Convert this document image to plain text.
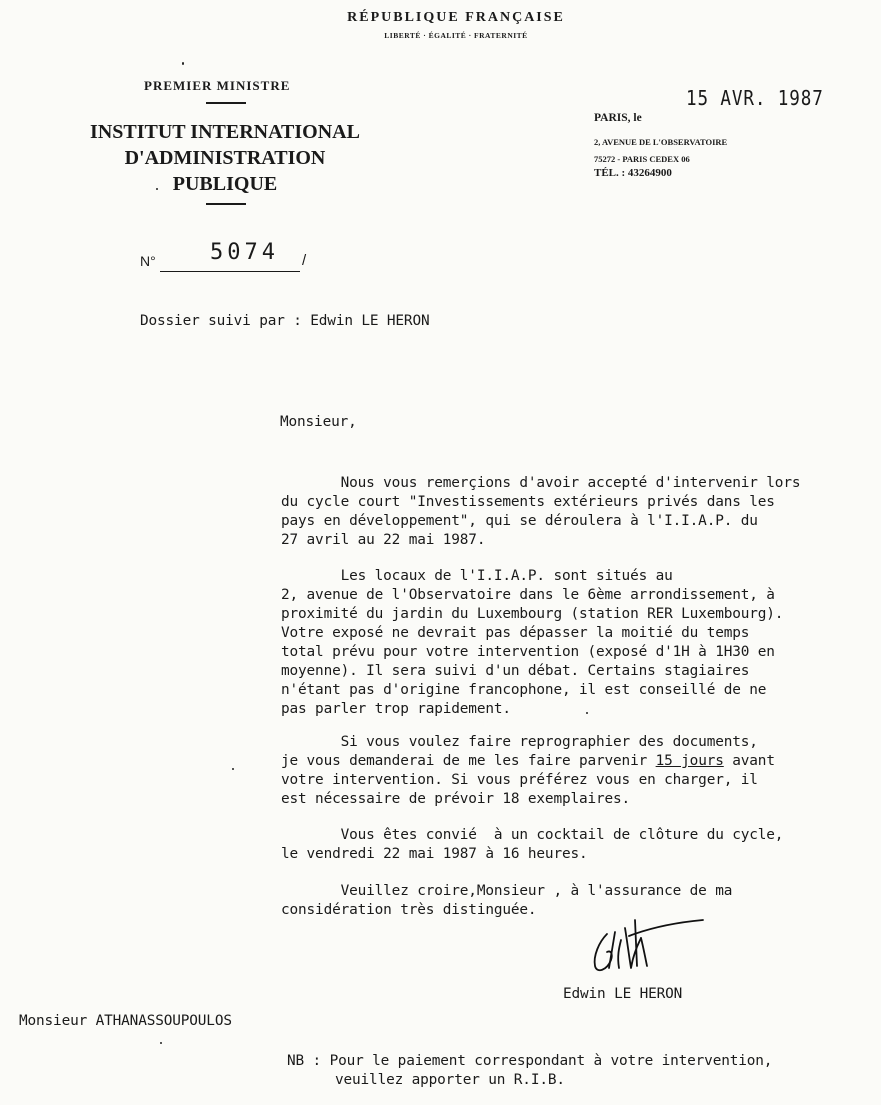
RÉPUBLIQUE FRANÇAISE
LIBERTÉ · ÉGALITÉ · FRATERNITÉ
PREMIER MINISTRE
INSTITUT INTERNATIONAL
D'ADMINISTRATION
PUBLIQUE
N° 5074 /
PARIS, le
15 AVR. 1987
2, AVENUE DE L'OBSERVATOIRE
75272 - PARIS CEDEX 06
TÉL. : 43264900
Dossier suivi par : Edwin LE HERON
Monsieur,
Nous vous remerçions d'avoir accepté d'intervenir lors
du cycle court "Investissements extérieurs privés dans les
pays en développement", qui se déroulera à l'I.I.A.P. du
27 avril au 22 mai 1987.
Les locaux de l'I.I.A.P. sont situés au
2, avenue de l'Observatoire dans le 6ème arrondissement, à
proximité du jardin du Luxembourg (station RER Luxembourg).
Votre exposé ne devrait pas dépasser la moitié du temps
total prévu pour votre intervention (exposé d'1H à 1H30 en
moyenne). Il sera suivi d'un débat. Certains stagiaires
n'étant pas d'origine francophone, il est conseillé de ne
pas parler trop rapidement.
Si vous voulez faire reprographier des documents,
je vous demanderai de me les faire parvenir 15 jours avant
votre intervention. Si vous préférez vous en charger, il
est nécessaire de prévoir 18 exemplaires.
Vous êtes convié  à un cocktail de clôture du cycle,
le vendredi 22 mai 1987 à 16 heures.
Veuillez croire,Monsieur , à l'assurance de ma
considération très distinguée.
Edwin LE HERON
Monsieur ATHANASSOUPOULOS
NB : Pour le paiement correspondant à votre intervention,
veuillez apporter un R.I.B.
